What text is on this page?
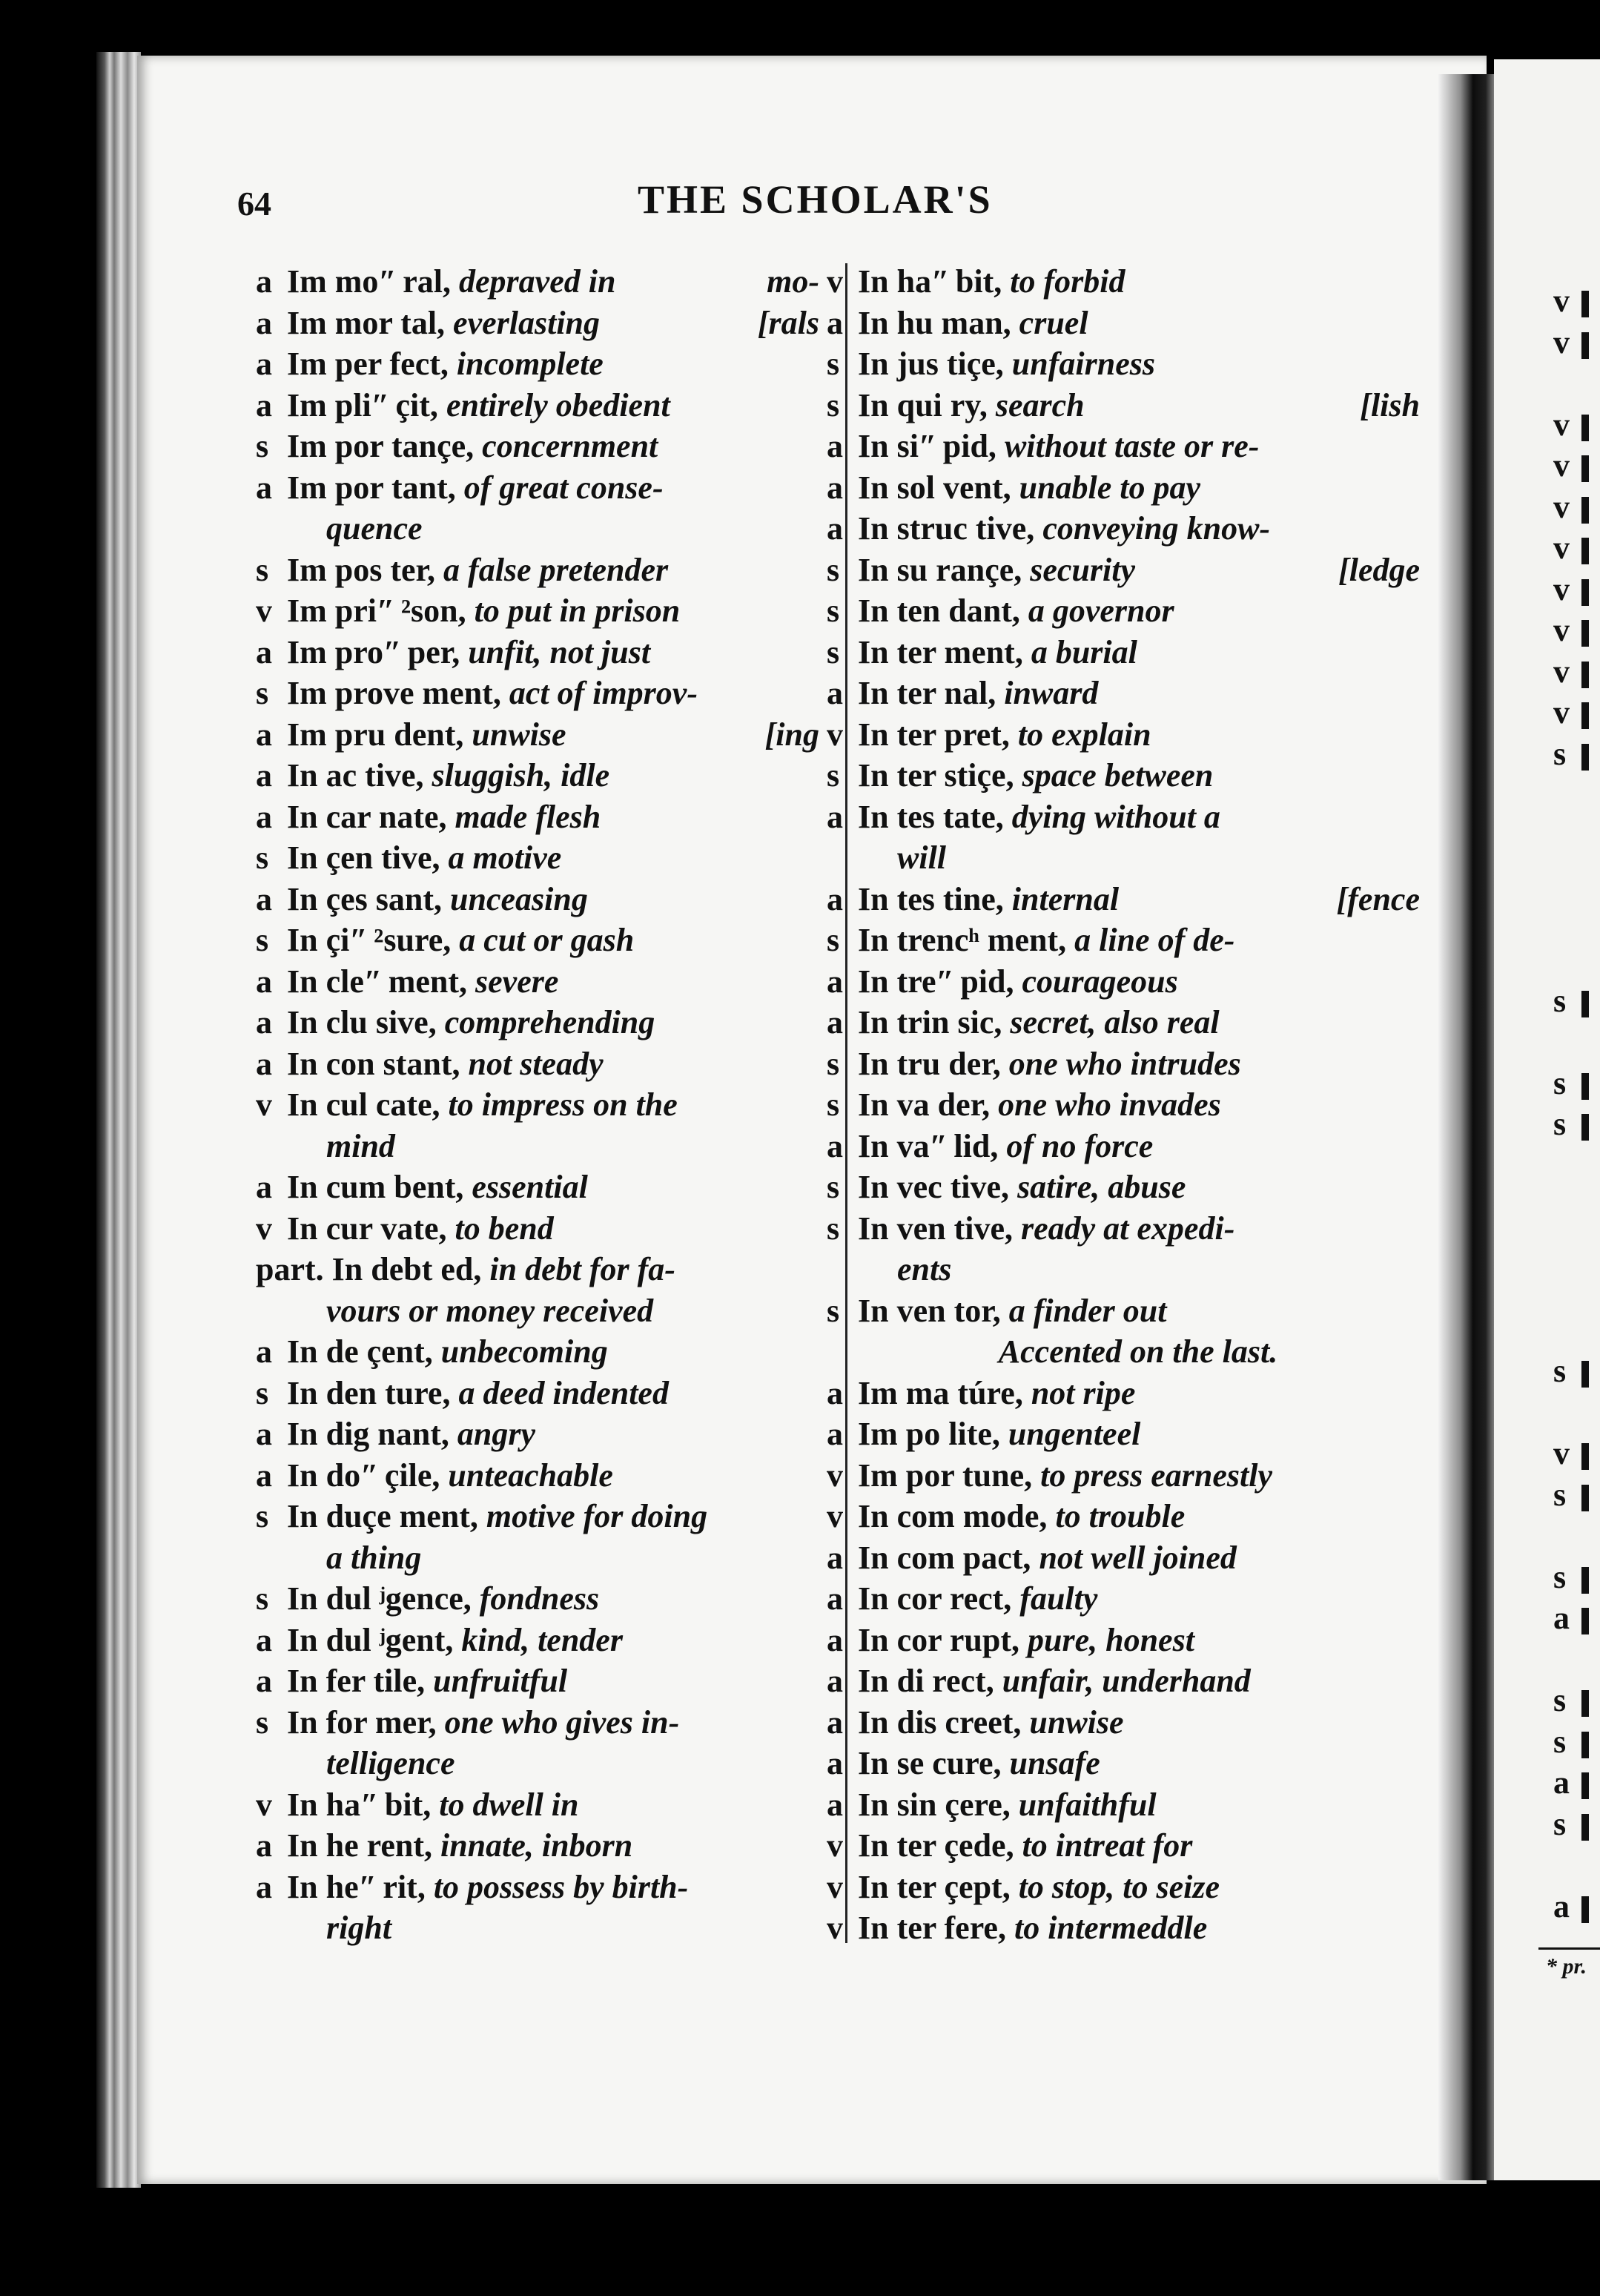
64	THE SCHOLAR'S
a Im moʺ ral, depraved in	mo-
a Im mor tal, everlasting	[rals
a Im per fect, incomplete
a Im pliʺ çit, entirely obedient
s Im por tançe, concernment
a Im por tant, of great conse-
quence
s Im pos ter, a false pretender
v Im priʺ ²son, to put in prison
a Im proʺ per, unfit, not just
s Im prove ment, act of improv-
a Im pru dent, unwise	[ing
a In ac tive, sluggish, idle
a In car nate, made flesh
s In çen tive, a motive
a In çes sant, unceasing
s In çiʺ ²sure, a cut or gash
a In cleʺ ment, severe
a In clu sive, comprehending
a In con stant, not steady
v In cul cate, to impress on the
mind
a In cum bent, essential
v In cur vate, to bend
part. In debt ed, in debt for fa-
vours or money received
a In de çent, unbecoming
s In den ture, a deed indented
a In dig nant, angry
a In doʺ çile, unteachable
s In duçe ment, motive for doing
a thing
s In dul ʲgence, fondness
a In dul ʲgent, kind, tender
a In fer tile, unfruitful
s In for mer, one who gives in-
telligence
v In haʺ bit, to dwell in
a In he rent, innate, inborn
a In heʺ rit, to possess by birth-
right
v In haʺ bit, to forbid
a In hu man, cruel
s In jus tiçe, unfairness
s In qui ry, search	[lish
a In siʺ pid, without taste or re-
a In sol vent, unable to pay
a In struc tive, conveying know-
s In su rançe, security	[ledge
s In ten dant, a governor
s In ter ment, a burial
a In ter nal, inward
v In ter pret, to explain
s In ter stiçe, space between
a In tes tate, dying without a
will
a In tes tine, internal	[fence
s In trencʰ ment, a line of de-
a In treʺ pid, courageous
a In trin sic, secret, also real
s In tru der, one who intrudes
s In va der, one who invades
a In vaʺ lid, of no force
s In vec tive, satire, abuse
s In ven tive, ready at expedi-
ents
s In ven tor, a finder out
Accented on the last.
a Im ma túre, not ripe
a Im po lite, ungenteel
v Im por tune, to press earnestly
v In com mode, to trouble
a In com pact, not well joined
a In cor rect, faulty
a In cor rupt, pure, honest
a In di rect, unfair, underhand
a In dis creet, unwise
a In se cure, unsafe
a In sin çere, unfaithful
v In ter çede, to intreat for
v In ter çept, to stop, to seize
v In ter fere, to intermeddle
* pr.
v
v
v
v
v
v
v
v
v
v
s
s
s
s
s
v
s
s
a
s
s
a
s
a
